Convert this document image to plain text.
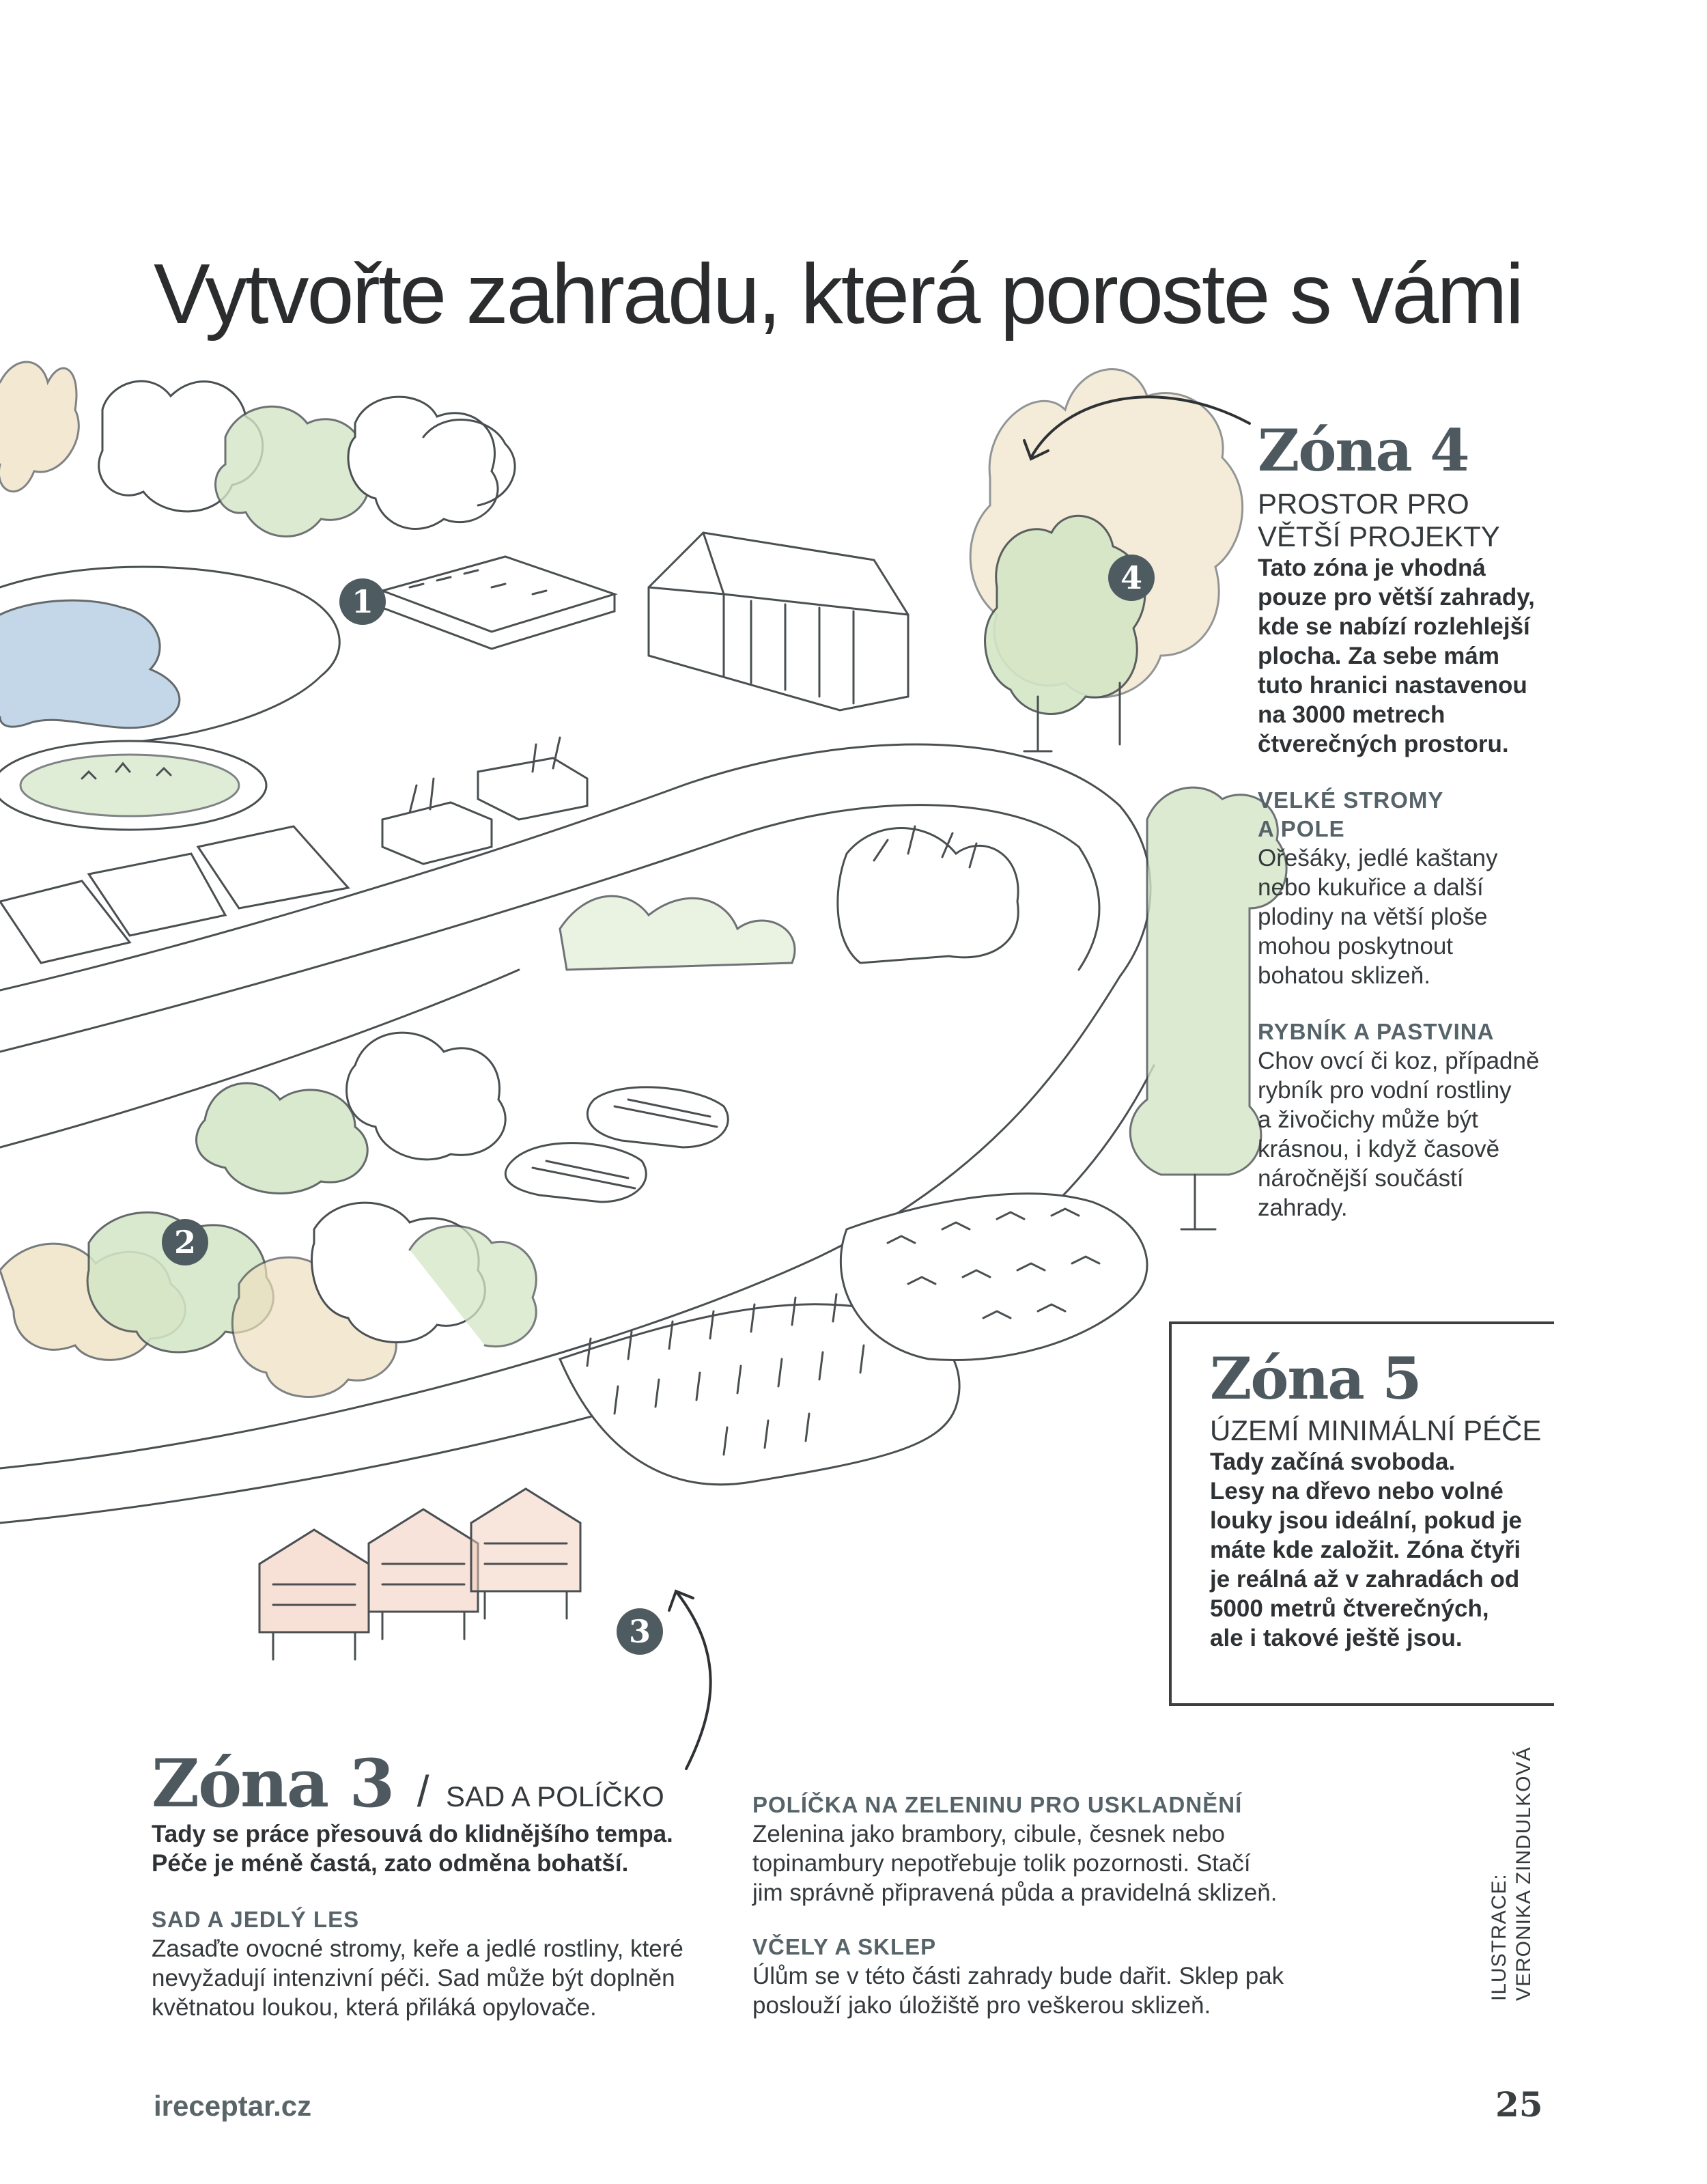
Vytvořte zahradu, která poroste s vámi
1
2
3
4
Zóna 4
PROSTOR PRO
VĚTŠÍ PROJEKTY
Tato zóna je vhodná
pouze pro větší zahrady,
kde se nabízí rozlehlejší
plocha. Za sebe mám
tuto hranici nastavenou
na 3000 metrech
čtverečných prostoru.
VELKÉ STROMY
A POLE
Ořešáky, jedlé kaštany
nebo kukuřice a další
plodiny na větší ploše
mohou poskytnout
bohatou sklizeň.
RYBNÍK A PASTVINA
Chov ovcí či koz, případně
rybník pro vodní rostliny
a živočichy může být
krásnou, i když časově
náročnější součástí
zahrady.
Zóna 5
ÚZEMÍ MINIMÁLNÍ PÉČE
Tady začíná svoboda.
Lesy na dřevo nebo volné
louky jsou ideální, pokud je
máte kde založit. Zóna čtyři
je reálná až v zahradách od
5000 metrů čtverečných,
ale i takové ještě jsou.
Zóna 3 / SAD A POLÍČKO
Tady se práce přesouvá do klidnějšího tempa.
Péče je méně častá, zato odměna bohatší.
SAD A JEDLÝ LES
Zasaďte ovocné stromy, keře a jedlé rostliny, které
nevyžadují intenzivní péči. Sad může být doplněn
květnatou loukou, která přiláká opylovače.
POLÍČKA NA ZELENINU PRO USKLADNĚNÍ
Zelenina jako brambory, cibule, česnek nebo
topinambury nepotřebuje tolik pozornosti. Stačí
jim správně připravená půda a pravidelná sklizeň.
VČELY A SKLEP
Úlům se v této části zahrady bude dařit. Sklep pak
poslouží jako úložiště pro veškerou sklizeň.
ILUSTRACE: VERONIKA ZINDULKOVÁ
ireceptar.cz	25
